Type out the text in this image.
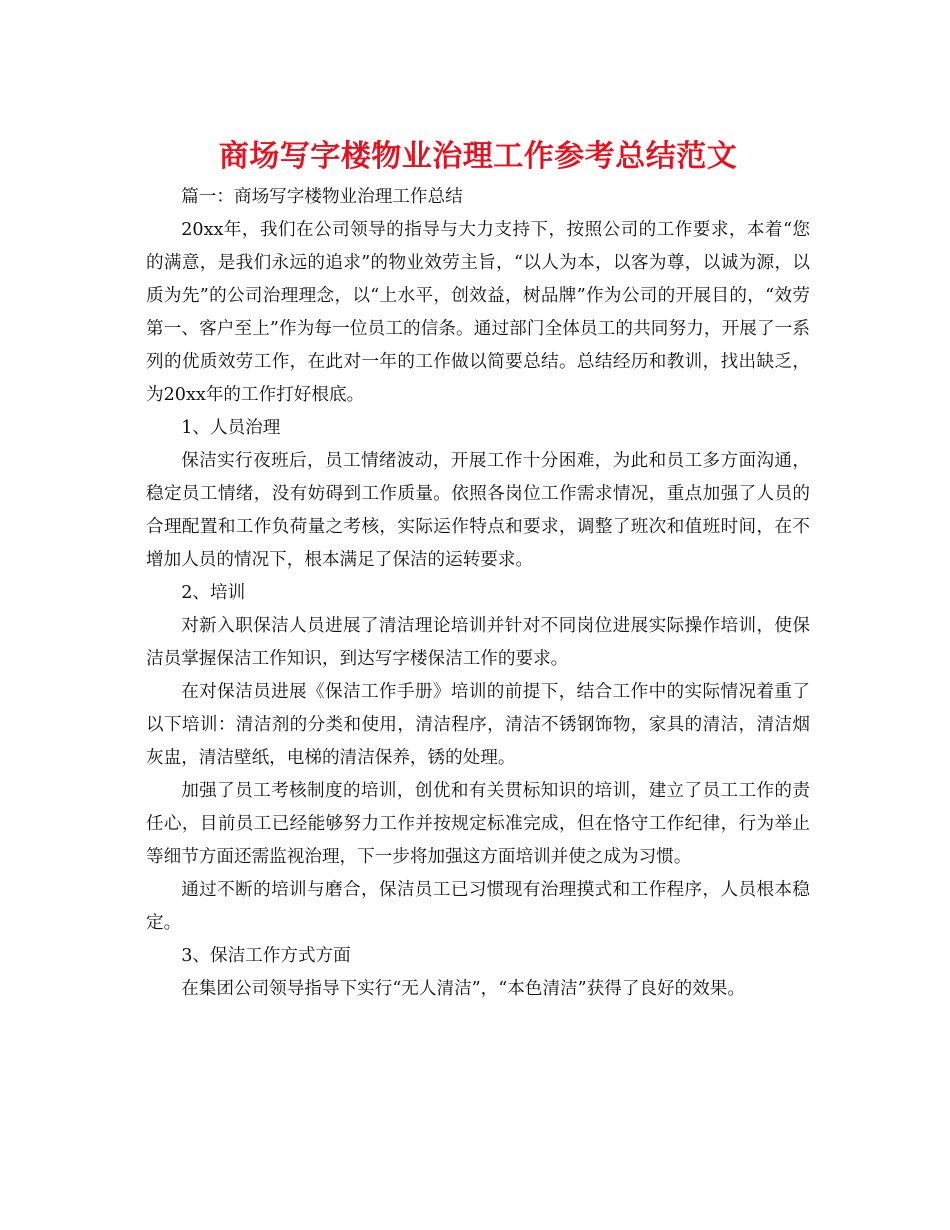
商场写字楼物业治理工作参考总结范文

篇一：商场写字楼物业治理工作总结

20xx年，我们在公司领导的指导与大力支持下，按照公司的工作要求，本着“您的满意，是我们永远的追求”的物业效劳主旨，“以人为本，以客为尊，以诚为源，以质为先”的公司治理理念，以“上水平，创效益，树品牌”作为公司的开展目的，“效劳第一、客户至上”作为每一位员工的信条。通过部门全体员工的共同努力，开展了一系列的优质效劳工作，在此对一年的工作做以简要总结。总结经历和教训，找出缺乏，为20xx年的工作打好根底。

1、人员治理

保洁实行夜班后，员工情绪波动，开展工作十分困难，为此和员工多方面沟通，稳定员工情绪，没有妨碍到工作质量。依照各岗位工作需求情况，重点加强了人员的合理配置和工作负荷量之考核，实际运作特点和要求，调整了班次和值班时间，在不增加人员的情况下，根本满足了保洁的运转要求。

2、培训

对新入职保洁人员进展了清洁理论培训并针对不同岗位进展实际操作培训，使保洁员掌握保洁工作知识，到达写字楼保洁工作的要求。

在对保洁员进展《保洁工作手册》培训的前提下，结合工作中的实际情况着重了以下培训：清洁剂的分类和使用，清洁程序，清洁不锈钢饰物，家具的清洁，清洁烟灰盅，清洁壁纸，电梯的清洁保养，锈的处理。

加强了员工考核制度的培训，创优和有关贯标知识的培训，建立了员工工作的责任心，目前员工已经能够努力工作并按规定标准完成，但在恪守工作纪律，行为举止等细节方面还需监视治理，下一步将加强这方面培训并使之成为习惯。

通过不断的培训与磨合，保洁员工已习惯现有治理摸式和工作程序，人员根本稳定。

3、保洁工作方式方面

在集团公司领导指导下实行“无人清洁”，“本色清洁”获得了良好的效果。
